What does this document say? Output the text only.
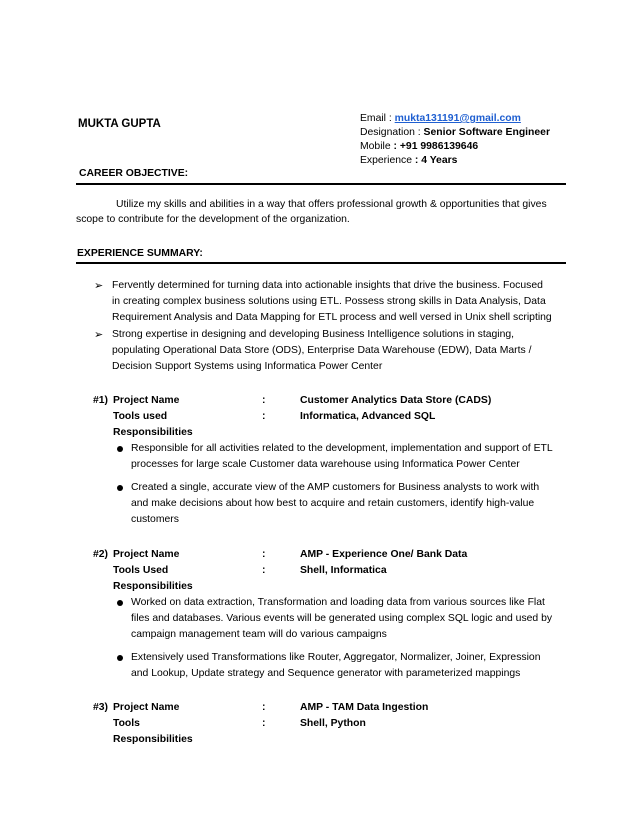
MUKTA GUPTA	Email : mukta131191@gmail.com
Designation : Senior Software Engineer
Mobile : +91 9986139646
Experience : 4 Years
CAREER OBJECTIVE:
Utilize my skills and abilities in a way that offers professional growth & opportunities that gives
scope to contribute for the development of the organization.
EXPERIENCE SUMMARY:
➢ Fervently determined for turning data into actionable insights that drive the business. Focused
in creating complex business solutions using ETL. Possess strong skills in Data Analysis, Data
Requirement Analysis and Data Mapping for ETL process and well versed in Unix shell scripting
➢ Strong expertise in designing and developing Business Intelligence solutions in staging,
populating Operational Data Store (ODS), Enterprise Data Warehouse (EDW), Data Marts /
Decision Support Systems using Informatica Power Center
#1) Project Name	:	Customer Analytics Data Store (CADS)
Tools used	:	Informatica, Advanced SQL
Responsibilities
Responsible for all activities related to the development, implementation and support of ETL
processes for large scale Customer data warehouse using Informatica Power Center
Created a single, accurate view of the AMP customers for Business analysts to work with
and make decisions about how best to acquire and retain customers, identify high-value
customers
#2) Project Name	:	AMP - Experience One/ Bank Data
Tools Used	:	Shell, Informatica
Responsibilities
Worked on data extraction, Transformation and loading data from various sources like Flat
files and databases. Various events will be generated using complex SQL logic and used by
campaign management team will do various campaigns
Extensively used Transformations like Router, Aggregator, Normalizer, Joiner, Expression
and Lookup, Update strategy and Sequence generator with parameterized mappings
#3) Project Name	:	AMP - TAM Data Ingestion
Tools	:	Shell, Python
Responsibilities
